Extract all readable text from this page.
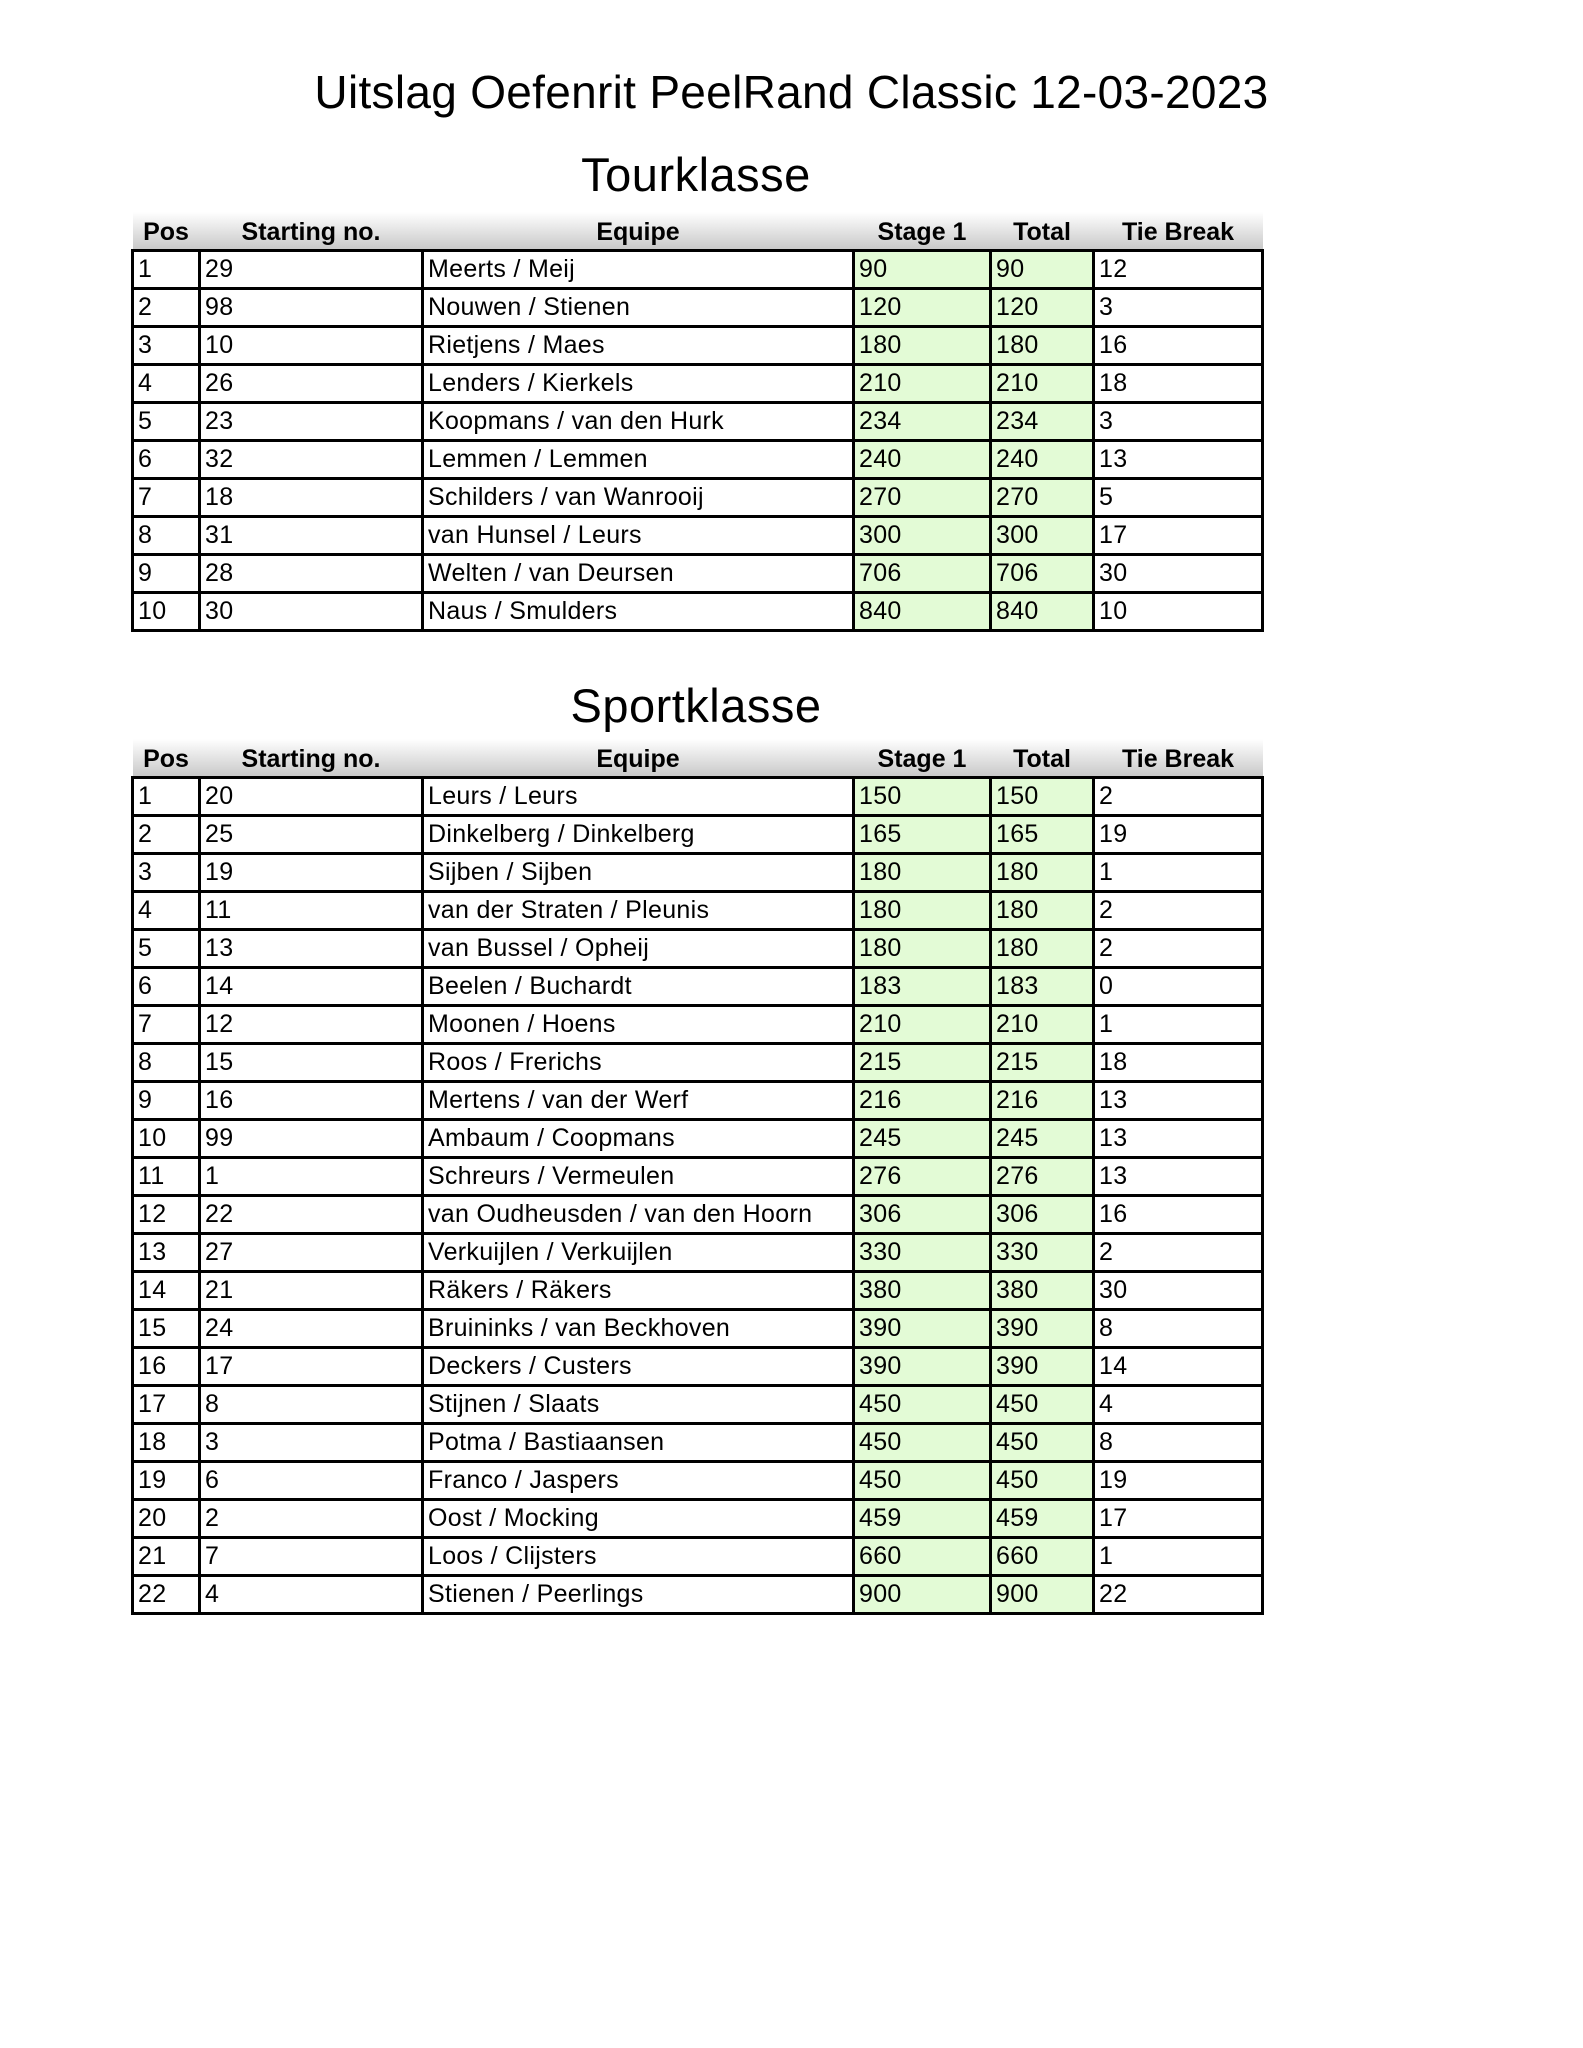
Uitslag Oefenrit PeelRand Classic 12-03-2023
Tourklasse
Pos	Starting no.	Equipe	Stage 1	Total	Tie Break
1	29	Meerts / Meij	90	90	12
2	98	Nouwen / Stienen	120	120	3
3	10	Rietjens / Maes	180	180	16
4	26	Lenders / Kierkels	210	210	18
5	23	Koopmans / van den Hurk	234	234	3
6	32	Lemmen / Lemmen	240	240	13
7	18	Schilders / van Wanrooij	270	270	5
8	31	van Hunsel / Leurs	300	300	17
9	28	Welten / van Deursen	706	706	30
10	30	Naus / Smulders	840	840	10
Sportklasse
Pos	Starting no.	Equipe	Stage 1	Total	Tie Break
1	20	Leurs / Leurs	150	150	2
2	25	Dinkelberg / Dinkelberg	165	165	19
3	19	Sijben / Sijben	180	180	1
4	11	van der Straten / Pleunis	180	180	2
5	13	van Bussel / Opheij	180	180	2
6	14	Beelen / Buchardt	183	183	0
7	12	Moonen / Hoens	210	210	1
8	15	Roos / Frerichs	215	215	18
9	16	Mertens / van der Werf	216	216	13
10	99	Ambaum / Coopmans	245	245	13
11	1	Schreurs / Vermeulen	276	276	13
12	22	van Oudheusden / van den Hoorn	306	306	16
13	27	Verkuijlen / Verkuijlen	330	330	2
14	21	Räkers / Räkers	380	380	30
15	24	Bruininks / van Beckhoven	390	390	8
16	17	Deckers / Custers	390	390	14
17	8	Stijnen / Slaats	450	450	4
18	3	Potma / Bastiaansen	450	450	8
19	6	Franco / Jaspers	450	450	19
20	2	Oost / Mocking	459	459	17
21	7	Loos / Clijsters	660	660	1
22	4	Stienen / Peerlings	900	900	22
